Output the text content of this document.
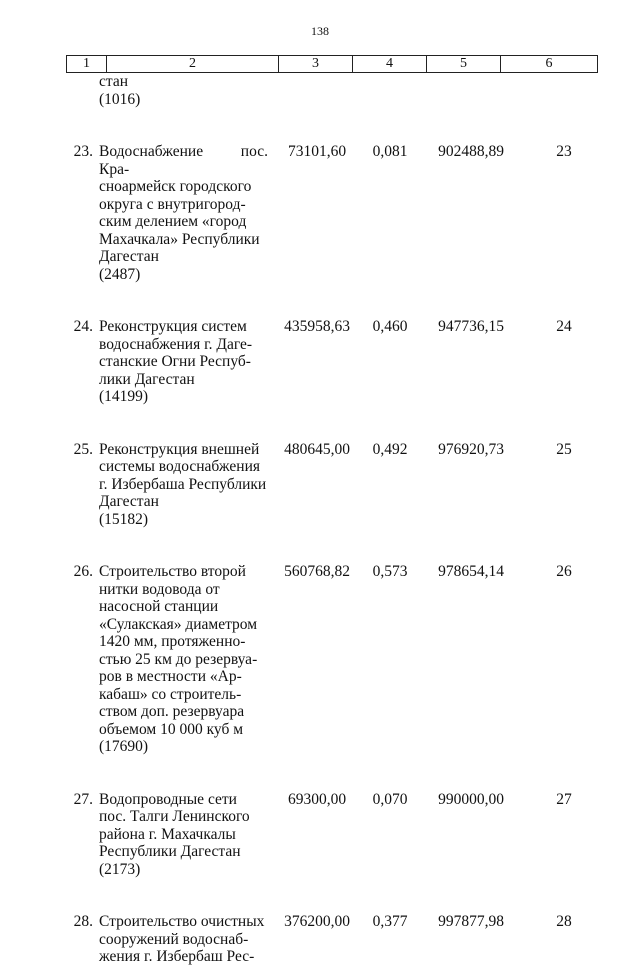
138
1	2	3	4	5	6
стан
(1016)
23. Водоснабжение пос. Кра-
сноармейск городского
округа с внутригород-
ским делением «город
Махачкала» Республики
Дагестан
(2487)
73101,60	0,081	902488,89	23
24. Реконструкция систем
водоснабжения г. Даге-
станские Огни Респуб-
лики Дагестан
(14199)
435958,63	0,460	947736,15	24
25. Реконструкция внешней
системы водоснабжения
г. Избербаша Республики
Дагестан
(15182)
480645,00	0,492	976920,73	25
26. Строительство второй
нитки водовода от
насосной станции
«Сулакская» диаметром
1420 мм, протяженно-
стью 25 км до резервуа-
ров в местности «Ар-
кабаш» со строитель-
ством доп. резервуара
объемом 10 000 куб м
(17690)
560768,82	0,573	978654,14	26
27. Водопроводные сети
пос. Талги Ленинского
района г. Махачкалы
Республики Дагестан
(2173)
69300,00	0,070	990000,00	27
28. Строительство очистных
сооружений водоснаб-
жения г. Избербаш Рес-
376200,00	0,377	997877,98	28
